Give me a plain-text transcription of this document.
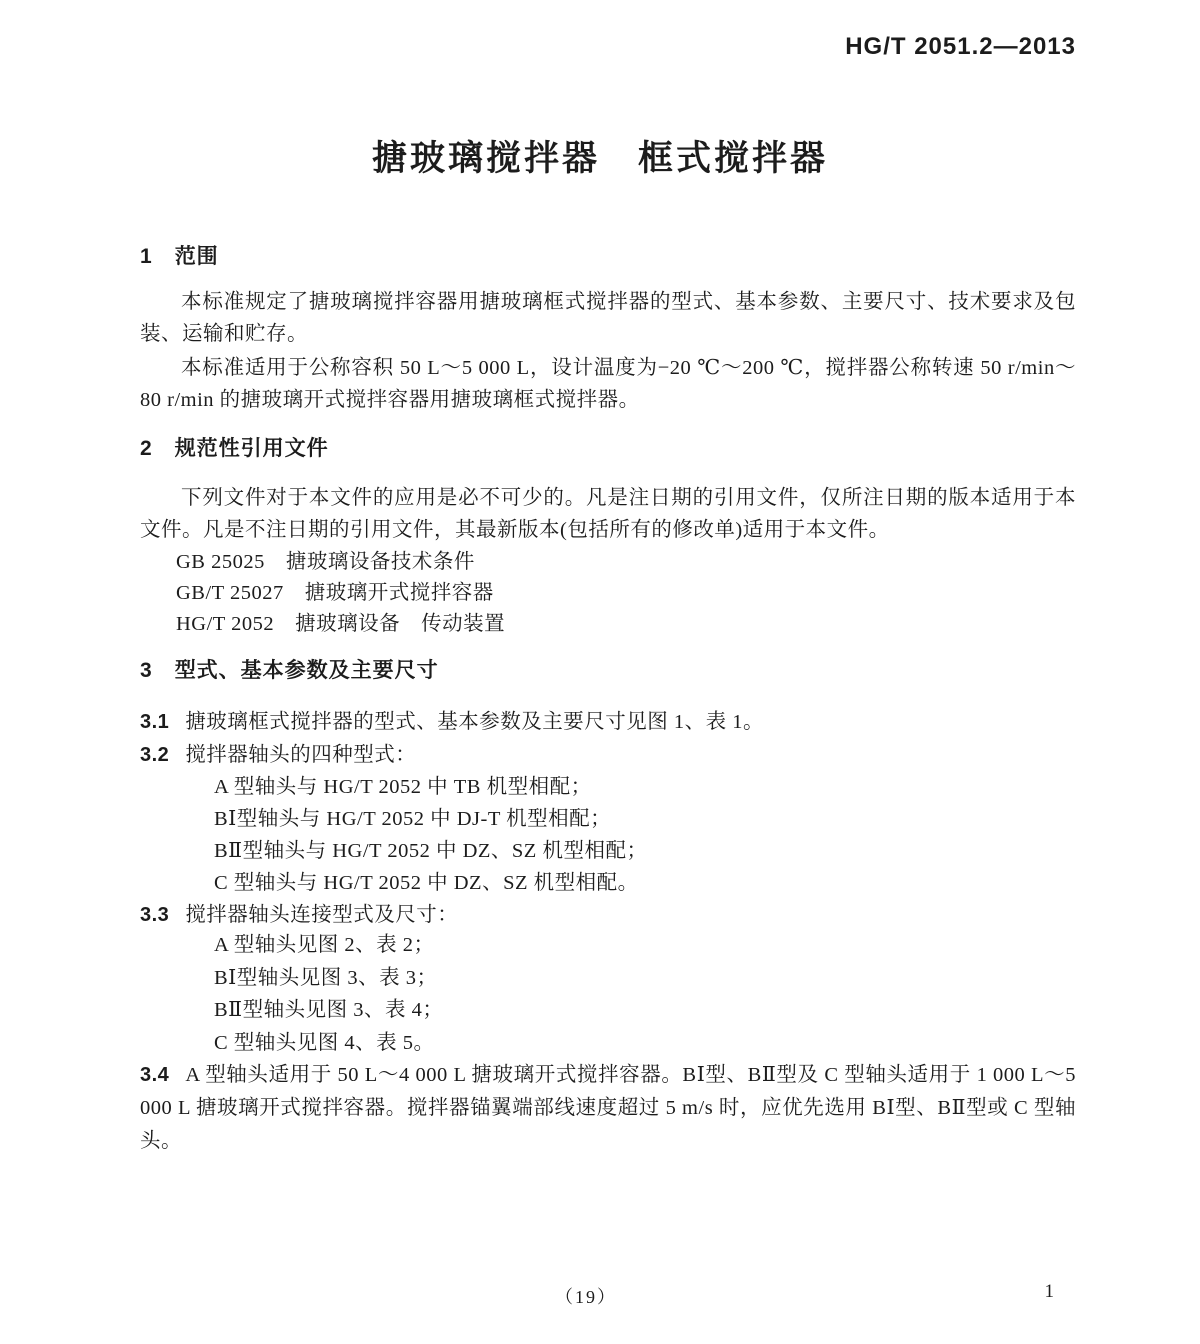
HG/T 2051.2—2013
搪玻璃搅拌器　框式搅拌器
1 范围
本标准规定了搪玻璃搅拌容器用搪玻璃框式搅拌器的型式、基本参数、主要尺寸、技术要求及包装、运输和贮存。
本标准适用于公称容积 50 L～5 000 L，设计温度为−20 ℃～200 ℃，搅拌器公称转速 50 r/min～80 r/min 的搪玻璃开式搅拌容器用搪玻璃框式搅拌器。
2 规范性引用文件
下列文件对于本文件的应用是必不可少的。凡是注日期的引用文件，仅所注日期的版本适用于本文件。凡是不注日期的引用文件，其最新版本(包括所有的修改单)适用于本文件。
GB 25025　搪玻璃设备技术条件
GB/T 25027　搪玻璃开式搅拌容器
HG/T 2052　搪玻璃设备　传动装置
3 型式、基本参数及主要尺寸
3.1 搪玻璃框式搅拌器的型式、基本参数及主要尺寸见图 1、表 1。
3.2 搅拌器轴头的四种型式：
A 型轴头与 HG/T 2052 中 TB 机型相配；
BⅠ型轴头与 HG/T 2052 中 DJ-T 机型相配；
BⅡ型轴头与 HG/T 2052 中 DZ、SZ 机型相配；
C 型轴头与 HG/T 2052 中 DZ、SZ 机型相配。
3.3 搅拌器轴头连接型式及尺寸：
A 型轴头见图 2、表 2；
BⅠ型轴头见图 3、表 3；
BⅡ型轴头见图 3、表 4；
C 型轴头见图 4、表 5。
3.4 A 型轴头适用于 50 L～4 000 L 搪玻璃开式搅拌容器。BⅠ型、BⅡ型及 C 型轴头适用于 1 000 L～5 000 L 搪玻璃开式搅拌容器。搅拌器锚翼端部线速度超过 5 m/s 时，应优先选用 BⅠ型、BⅡ型或 C 型轴头。
（19）	1
